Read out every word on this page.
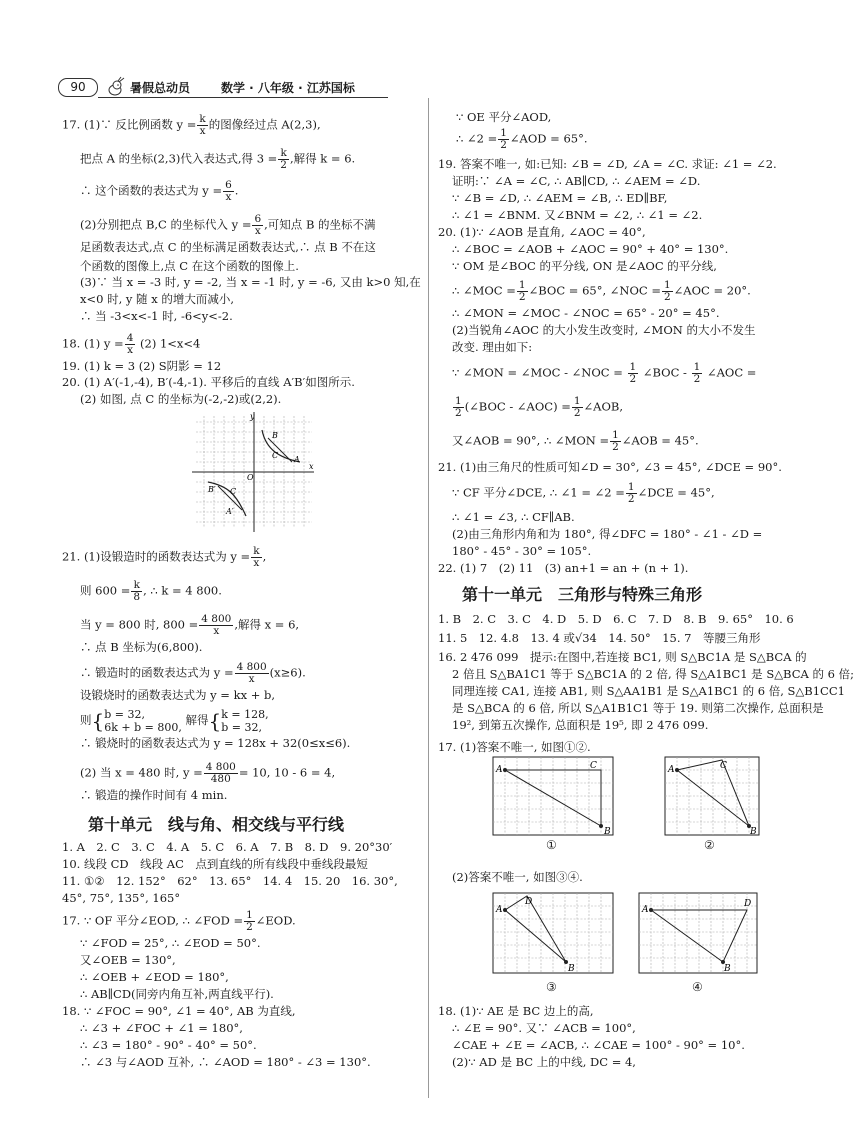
90	暑假总动员	数学 · 八年级 · 江苏国标
17. (1)∵ 反比例函数 $y = \frac{k}{x}$ 的图像经过点 A(2,3),
把点 A 的坐标(2,3)代入表达式,得 $3 = \frac{k}{2}$ ,解得 k = 6.
∴ 这个函数的表达式为 $y = \frac{6}{x}$ .
(2)分别把点 B,C 的坐标代入 $y = \frac{6}{x}$ ,可知点 B 的坐标不满
足函数表达式,点 C 的坐标满足函数表达式,∴ 点 B 不在这
个函数的图像上,点 C 在这个函数的图像上.
(3)∵ 当 x = -3 时, y = -2, 当 x = -1 时, y = -6, 又由 k>0 知,在
x<0 时, y 随 x 的增大而减小,
∴ 当 -3<x<-1 时, -6<y<-2.
18. (1) $y = \frac{4}{x} (2)$ 1<x<4
19. (1) k = 3 (2) S阴影 = 12
20. (1) A′(-1,-4), B′(-4,-1). 平移后的直线 A′B′如图所示.
(2) 如图, 点 C 的坐标为(-2,-2)或(2,2).
y
x
O
B
A
C
B′ C
A′
21. (1)设锻造时的函数表达式为 $y = \frac{k}{x}$ ,
则 $600 = \frac{k}{8}$ , ∴ k = 4 800.
当 y = 800 时, $800 = \frac{4 800}{x}$ ,解得 x = 6,
∴ 点 B 坐标为(6,800).
∴ 锻造时的函数表达式为 $y = \frac{4 800}{x} (x\ge 6)$.
设锻烧时的函数表达式为 y = kx + b,
则{ b = 32,
6k + b = 800,
解得{ k = 128,
b = 32,
∴ 锻烧时的函数表达式为 y = 128x + 32(0≤x≤6).
(2) 当 x = 480 时, $y = \frac{4 800}{480} = 10$, 10 - 6 = 4,
∴ 锻造的操作时间有 4 min.
第十单元　线与角、相交线与平行线
1. A　2. C　3. C　4. A　5. C　6. A　7. B　8. D　9. 20°30′
10. 线段 CD　线段 AC　点到直线的所有线段中垂线段最短
11. ①②　12. 152°　62°　13. 65°　14. 4　15. 20　16. 30°,
45°, 75°, 135°, 165°
17. ∵ OF 平分∠EOD, ∴ ∠FOD = $\frac{1}{2}$ ∠EOD.
∵ ∠FOD = 25°, ∴ ∠EOD = 50°.
又∠OEB = 130°,
∴ ∠OEB + ∠EOD = 180°,
∴ AB∥CD(同旁内角互补,两直线平行).
18. ∵ ∠FOC = 90°, ∠1 = 40°, AB 为直线,
∴ ∠3 + ∠FOC + ∠1 = 180°,
∴ ∠3 = 180° - 90° - 40° = 50°.
∴ ∠3 与∠AOD 互补, ∴ ∠AOD = 180° - ∠3 = 130°.
∵ OE 平分∠AOD,
∴ ∠2 = $\frac{1}{2}$ ∠AOD = 65°.
19. 答案不唯一, 如:已知: ∠B = ∠D, ∠A = ∠C. 求证: ∠1 = ∠2.
证明:∵ ∠A = ∠C, ∴ AB∥CD, ∴ ∠AEM = ∠D.
∵ ∠B = ∠D, ∴ ∠AEM = ∠B, ∴ ED∥BF,
∴ ∠1 = ∠BNM. 又∠BNM = ∠2, ∴ ∠1 = ∠2.
20. (1)∵ ∠AOB 是直角, ∠AOC = 40°,
∴ ∠BOC = ∠AOB + ∠AOC = 90° + 40° = 130°.
∵ OM 是∠BOC 的平分线, ON 是∠AOC 的平分线,
∴ ∠MOC = $\frac{1}{2}$ ∠BOC = 65°, ∠NOC = $\frac{1}{2}$ ∠AOC = 20°.
∴ ∠MON = ∠MOC - ∠NOC = 65° - 20° = 45°.
(2)当锐角∠AOC 的大小发生改变时, ∠MON 的大小不发生
改变. 理由如下:
∵ ∠MON = ∠MOC - ∠NOC = $\frac{1}{2}$ ∠BOC - $\frac{1}{2}$ ∠AOC =
$\frac{1}{2}$ (∠BOC - ∠AOC) = $\frac{1}{2}$ ∠AOB,
又∠AOB = 90°, ∴ ∠MON = $\frac{1}{2}$ ∠AOB = 45°.
21. (1)由三角尺的性质可知∠D = 30°, ∠3 = 45°, ∠DCE = 90°.
∵ CF 平分∠DCE, ∴ ∠1 = ∠2 = $\frac{1}{2}$ ∠DCE = 45°,
∴ ∠1 = ∠3, ∴ CF∥AB.
(2)由三角形内角和为 180°, 得∠DFC = 180° - ∠1 - ∠D =
180° - 45° - 30° = 105°.
22. (1) 7　(2) 11　(3) an+1 = an + (n + 1).
第十一单元　三角形与特殊三角形
1. B　2. C　3. C　4. D　5. D　6. C　7. D　8. B　9. 65°　10. 6
11. 5　12. 4.8　13. 4 或√34　14. 50°　15. 7　等腰三角形
16. 2 476 099　提示:在图中,若连接 BC1, 则 S△BC1A 是 S△BCA 的
2 倍且 S△BA1C1 等于 S△BC1A 的 2 倍, 得 S△A1BC1 是 S△BCA 的 6 倍;
同理连接 CA1, 连接 AB1, 则 S△AA1B1 是 S△A1BC1 的 6 倍, S△B1CC1
是 S△BCA 的 6 倍, 所以 S△A1B1C1 等于 19. 则第二次操作, 总面积是
19², 到第五次操作, 总面积是 19⁵, 即 2 476 099.
17. (1)答案不唯一, 如图①②.
A	C
B
①
A	C
B
②
(2)答案不唯一, 如图③④.
A
D
B
③
A
D
B
④
18. (1)∵ AE 是 BC 边上的高,
∴ ∠E = 90°. 又∵ ∠ACB = 100°,
∠CAE + ∠E = ∠ACB, ∴ ∠CAE = 100° - 90° = 10°.
(2)∵ AD 是 BC 上的中线, DC = 4,
